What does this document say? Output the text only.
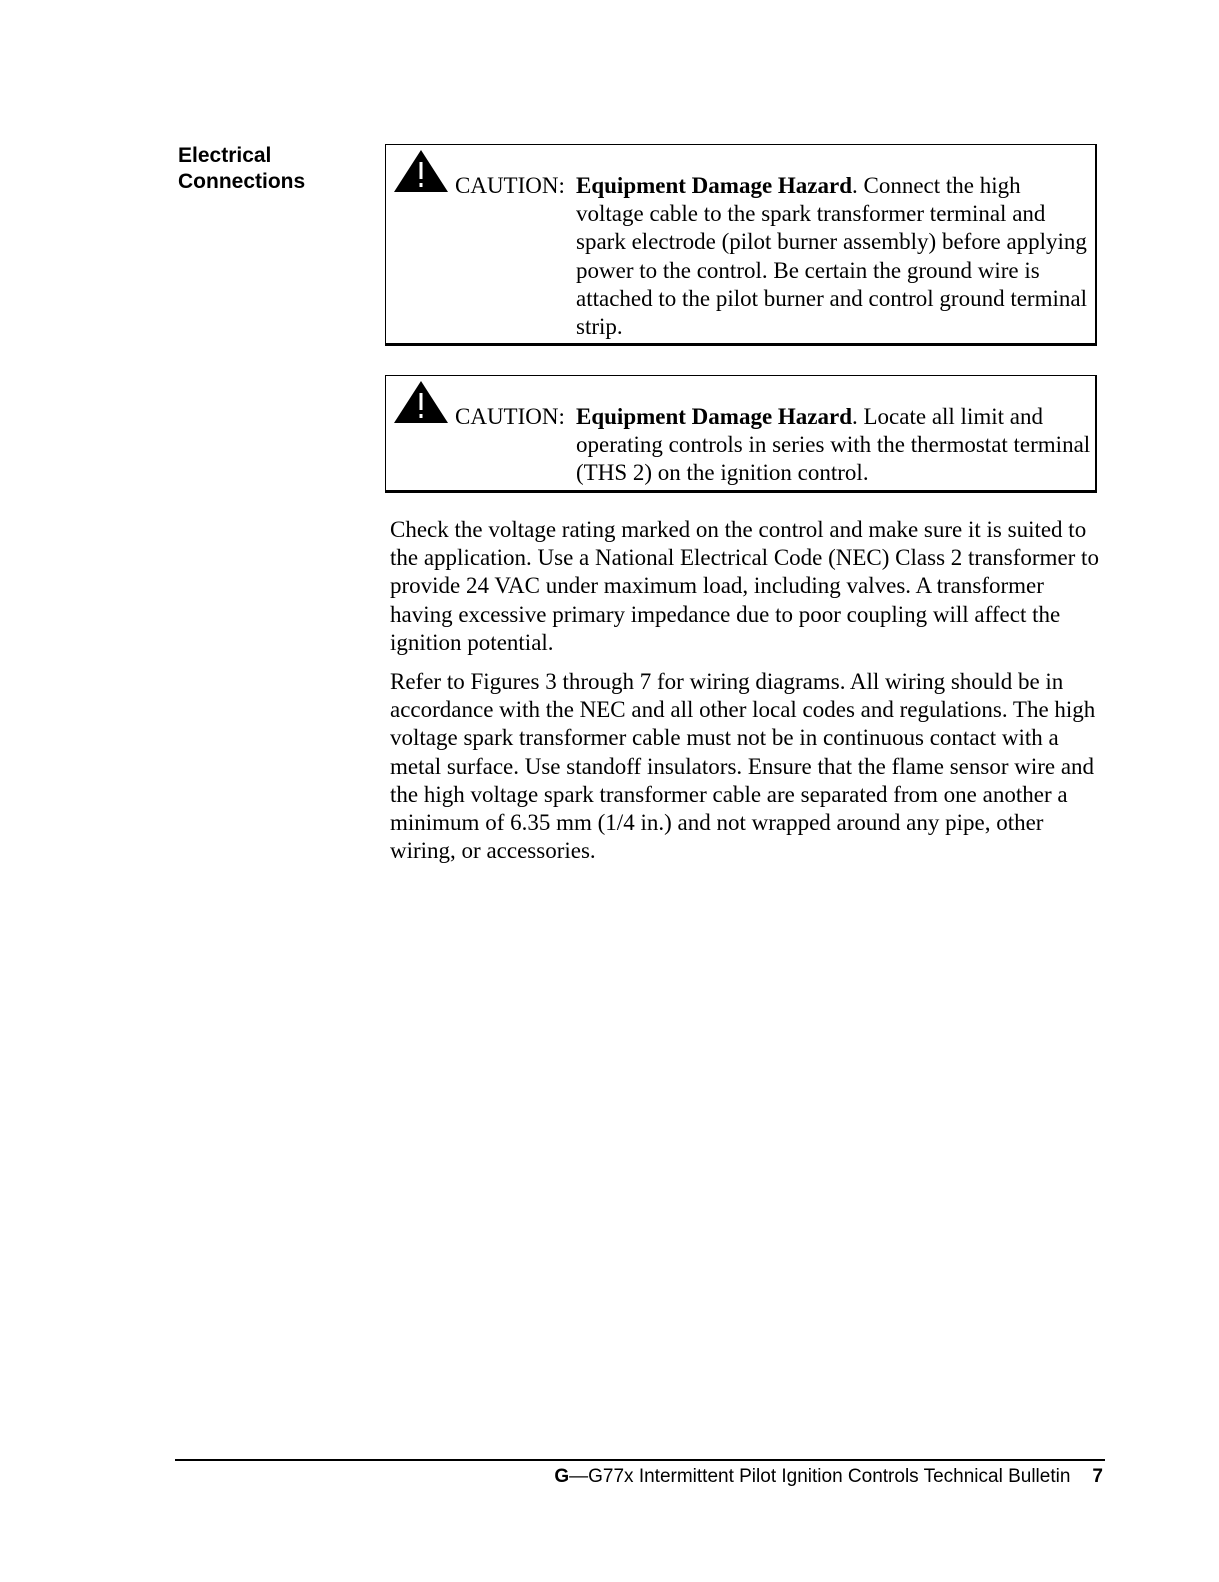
Electrical
Connections	CAUTION: Equipment Damage Hazard. Connect the high voltage cable to the spark transformer terminal and spark electrode (pilot burner assembly) before applying power to the control. Be certain the ground wire is attached to the pilot burner and control ground terminal strip.
CAUTION: Equipment Damage Hazard. Locate all limit and operating controls in series with the thermostat terminal (THS 2) on the ignition control.

Check the voltage rating marked on the control and make sure it is suited to the application. Use a National Electrical Code (NEC) Class 2 transformer to provide 24 VAC under maximum load, including valves. A transformer having excessive primary impedance due to poor coupling will affect the ignition potential.

Refer to Figures 3 through 7 for wiring diagrams. All wiring should be in accordance with the NEC and all other local codes and regulations. The high voltage spark transformer cable must not be in continuous contact with a metal surface. Use standoff insulators. Ensure that the flame sensor wire and the high voltage spark transformer cable are separated from one another a minimum of 6.35 mm (1/4 in.) and not wrapped around any pipe, other wiring, or accessories.

G—G77x Intermittent Pilot Ignition Controls Technical Bulletin 7
